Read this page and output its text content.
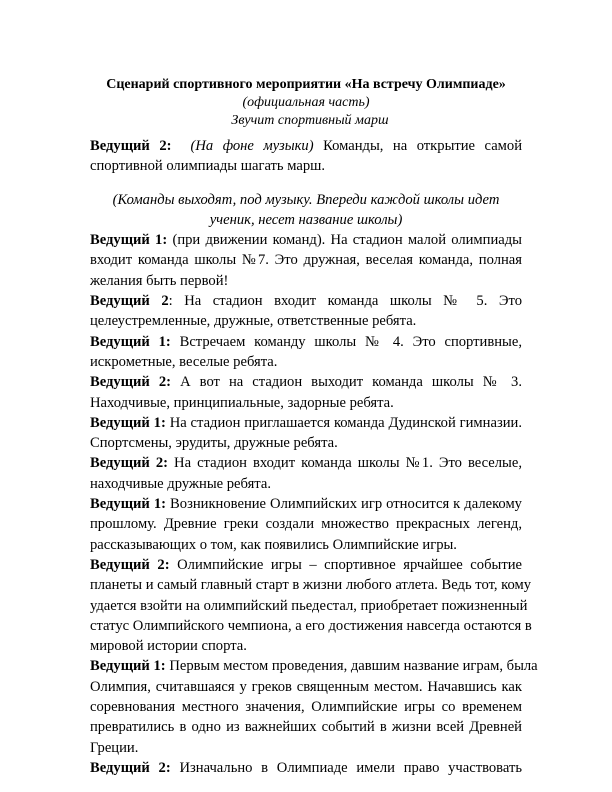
Сценарий спортивного мероприятии «На встречу Олимпиаде»
(официальная часть)
Звучит спортивный марш

Ведущий 2: (На фоне музыки) Команды, на открытие самой
спортивной олимпиады шагать марш.

(Команды выходят, под музыку. Впереди каждой школы идет
ученик, несет название школы)

Ведущий 1: (при движении команд). На стадион малой олимпиады
входит команда школы №7. Это дружная, веселая команда, полная
желания быть первой!

Ведущий 2: На стадион входит команда школы № 5. Это
целеустремленные, дружные, ответственные ребята.

Ведущий 1: Встречаем команду школы № 4. Это спортивные,
искрометные, веселые ребята.

Ведущий 2: А вот на стадион выходит команда школы № 3.
Находчивые, принципиальные, задорные ребята.

Ведущий 1: На стадион приглашается команда Дудинской гимназии.
Спортсмены, эрудиты, дружные ребята.

Ведущий 2: На стадион входит команда школы №1. Это веселые,
находчивые дружные ребята.

Ведущий 1: Возникновение Олимпийских игр относится к далекому
прошлому. Древние греки создали множество прекрасных легенд,
рассказывающих о том, как появились Олимпийские игры.

Ведущий 2: Олимпийские игры – спортивное ярчайшее событие
планеты и самый главный старт в жизни любого атлета. Ведь тот, кому
удается взойти на олимпийский пьедестал, приобретает пожизненный
статус Олимпийского чемпиона, а его достижения навсегда остаются в
мировой истории спорта.

Ведущий 1: Первым местом проведения, давшим название играм, была
Олимпия, считавшаяся у греков священным местом. Начавшись как
соревнования местного значения, Олимпийские игры со временем
превратились в одно из важнейших событий в жизни всей Древней
Греции.

Ведущий 2: Изначально в Олимпиаде имели право участвовать
